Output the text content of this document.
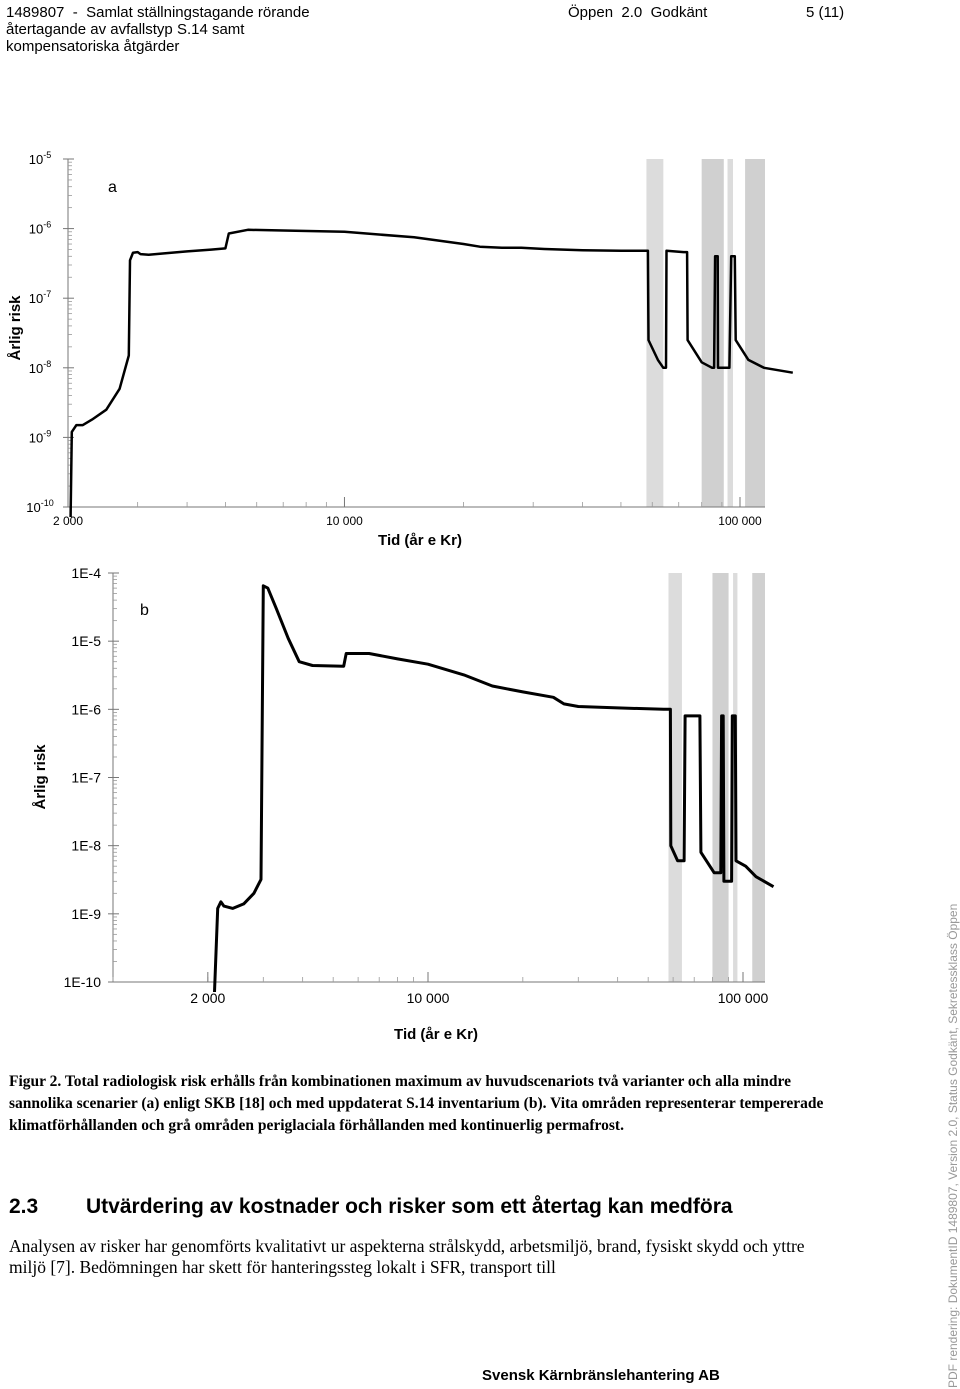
1489807 - Samlat ställningstagande rörande
återtagande av avfallstyp S.14 samt
kompensatoriska åtgärder
Öppen 2.0 Godkänt	5 (11)
$10^{-5}$
$10^{-6}$
$10^{-7}$
$10^{-8}$
$10^{-9}$
$10^{-10}$
2 000	10 000	100 000
Tid (år e Kr)
Årlig risk
a
1E-4
1E-5
1E-6
1E-7
1E-8
1E-9
1E-10
2 000	10 000	100 000
Tid (år e Kr)
Årlig risk
b
Figur 2. Total radiologisk risk erhålls från kombinationen maximum av huvudscenariots två varianter och alla mindre sannolika scenarier (a) enligt SKB [18] och med uppdaterat S.14 inventarium (b). Vita områden representerar tempererade klimatförhållanden och grå områden periglaciala förhållanden med kontinuerlig permafrost.
2.3 Utvärdering av kostnader och risker som ett återtag kan medföra
Analysen av risker har genomförts kvalitativt ur aspekterna strålskydd, arbetsmiljö, brand, fysiskt skydd och yttre miljö [7]. Bedömningen har skett för hanteringssteg lokalt i SFR, transport till
Svensk Kärnbränslehantering AB	PDF rendering: DokumentID 1489807, Version 2.0, Status Godkänt, Sekretessklass Öppen
